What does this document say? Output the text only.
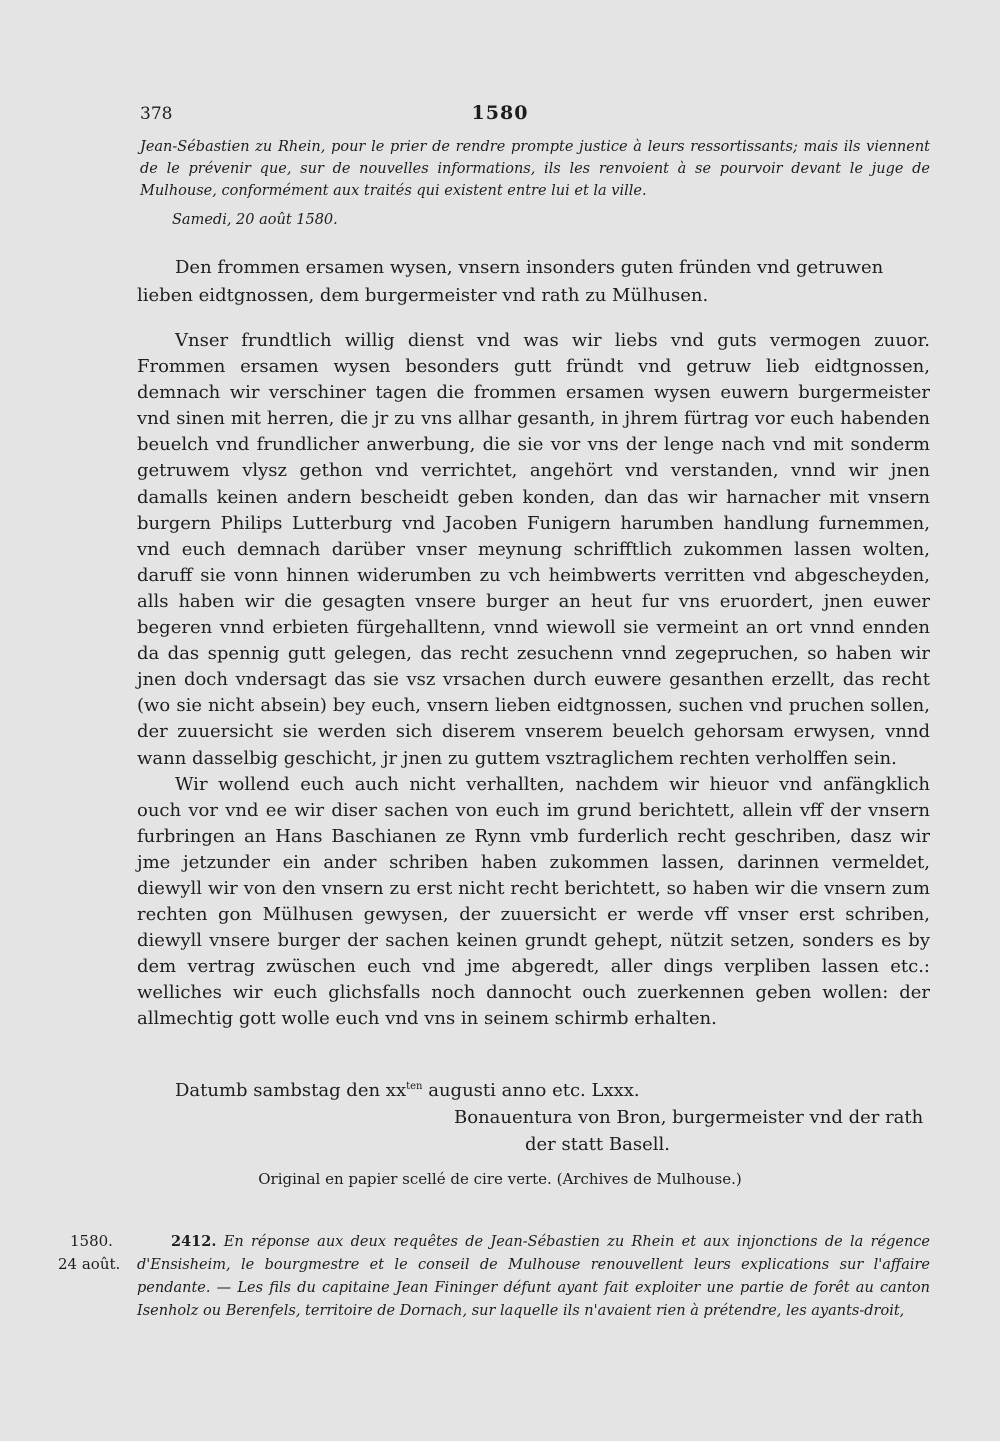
378	1580
Jean-Sébastien zu Rhein, pour le prier de rendre prompte justice à leurs ressortissants; mais ils viennent de le prévenir que, sur de nouvelles informations, ils les renvoient à se pourvoir devant le juge de Mulhouse, conformément aux traités qui existent entre lui et la ville.
Samedi, 20 août 1580.
Den frommen ersamen wysen, vnsern insonders guten fründen vnd getruwen
lieben eidtgnossen, dem burgermeister vnd rath zu Mülhusen.

Vnser frundtlich willig dienst vnd was wir liebs vnd guts vermogen zuuor. Frommen ersamen wysen besonders gutt fründt vnd getruw lieb eidtgnossen, demnach wir verschiner tagen die frommen ersamen wysen euwern burgermeister vnd sinen mit herren, die jr zu vns allhar gesanth, in jhrem fürtrag vor euch habenden beuelch vnd frundlicher anwerbung, die sie vor vns der lenge nach vnd mit sonderm getruwem vlysz gethon vnd verrichtet, angehört vnd verstanden, vnnd wir jnen damalls keinen andern bescheidt geben konden, dan das wir harnacher mit vnsern burgern Philips Lutterburg vnd Jacoben Funigern harumben handlung furnemmen, vnd euch demnach darüber vnser meynung schrifftlich zukommen lassen wolten, daruff sie vonn hinnen widerumben zu vch heimbwerts verritten vnd abgescheyden, alls haben wir die gesagten vnsere burger an heut fur vns eruordert, jnen euwer begeren vnnd erbieten fürgehalltenn, vnnd wiewoll sie vermeint an ort vnnd ennden da das spennig gutt gelegen, das recht zesuchenn vnnd zegepruchen, so haben wir jnen doch vndersagt das sie vsz vrsachen durch euwere gesanthen erzellt, das recht (wo sie nicht absein) bey euch, vnsern lieben eidtgnossen, suchen vnd pruchen sollen, der zuuersicht sie werden sich diserem vnserem beuelch gehorsam erwysen, vnnd wann dasselbig geschicht, jr jnen zu guttem vsztraglichem rechten verholffen sein.

Wir wollend euch auch nicht verhallten, nachdem wir hieuor vnd anfängklich ouch vor vnd ee wir diser sachen von euch im grund berichtett, allein vff der vnsern furbringen an Hans Baschianen ze Rynn vmb furderlich recht geschriben, dasz wir jme jetzunder ein ander schriben haben zukommen lassen, darinnen vermeldet, diewyll wir von den vnsern zu erst nicht recht berichtett, so haben wir die vnsern zum rechten gon Mülhusen gewysen, der zuuersicht er werde vff vnser erst schriben, diewyll vnsere burger der sachen keinen grundt gehept, nützit setzen, sonders es by dem vertrag zwüschen euch vnd jme abgeredt, aller dings verpliben lassen etc.: welliches wir euch glichsfalls noch dannocht ouch zuerkennen geben wollen: der allmechtig gott wolle euch vnd vns in seinem schirmb erhalten.

Datumb sambstag den $xx^{ten}$ augusti anno etc. Lxxx.
Bonauentura von Bron, burgermeister vnd der rath
der statt Basell.
Original en papier scellé de cire verte. (Archives de Mulhouse.)
1580.
24 août.
2412. En réponse aux deux requêtes de Jean-Sébastien zu Rhein et aux injonctions de la régence d'Ensisheim, le bourgmestre et le conseil de Mulhouse renouvellent leurs explications sur l'affaire pendante. — Les fils du capitaine Jean Fininger défunt ayant fait exploiter une partie de forêt au canton Isenholz ou Berenfels, territoire de Dornach, sur laquelle ils n'avaient rien à prétendre, les ayants-droit,
